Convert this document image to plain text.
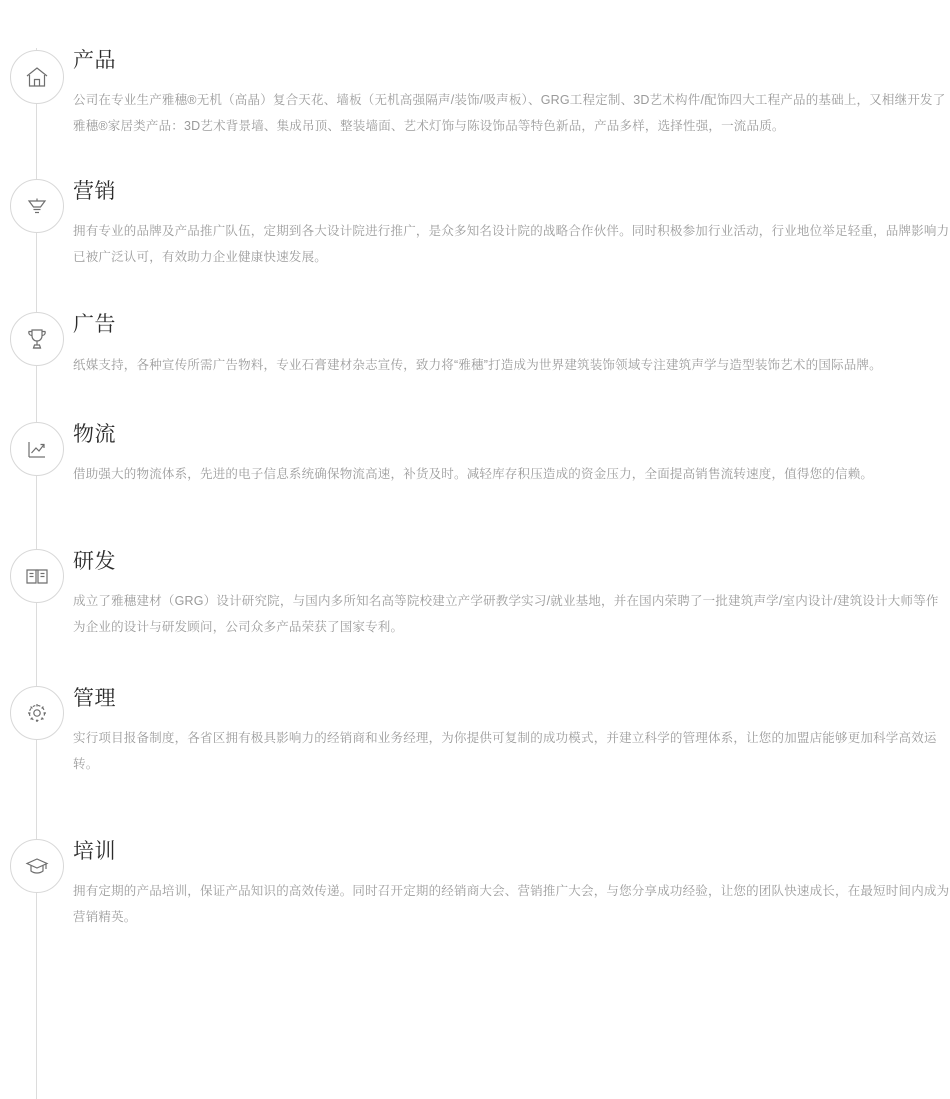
产品

公司在专业生产雅穗®无机（高晶）复合天花、墙板（无机高强隔声/装饰/吸声板）、GRG工程定制、3D艺术构件/配饰四大工程产品的基础上，又相继开发了雅穗®家居类产品：3D艺术背景墙、集成吊顶、整装墙面、艺术灯饰与陈设饰品等特色新品，产品多样，选择性强，一流品质。

营销

拥有专业的品牌及产品推广队伍，定期到各大设计院进行推广，是众多知名设计院的战略合作伙伴。同时积极参加行业活动，行业地位举足轻重，品牌影响力已被广泛认可，有效助力企业健康快速发展。

广告

纸媒支持，各种宣传所需广告物料，专业石膏建材杂志宣传，致力将“雅穗”打造成为世界建筑装饰领域专注建筑声学与造型装饰艺术的国际品牌。

物流

借助强大的物流体系，先进的电子信息系统确保物流高速，补货及时。减轻库存积压造成的资金压力，全面提高销售流转速度，值得您的信赖。

研发

成立了雅穗建材（GRG）设计研究院，与国内多所知名高等院校建立产学研教学实习/就业基地，并在国内荣聘了一批建筑声学/室内设计/建筑设计大师等作为企业的设计与研发顾问，公司众多产品荣获了国家专利。

管理

实行项目报备制度，各省区拥有极具影响力的经销商和业务经理，为你提供可复制的成功模式，并建立科学的管理体系，让您的加盟店能够更加科学高效运转。

培训

拥有定期的产品培训，保证产品知识的高效传递。同时召开定期的经销商大会、营销推广大会，与您分享成功经验，让您的团队快速成长，在最短时间内成为营销精英。
